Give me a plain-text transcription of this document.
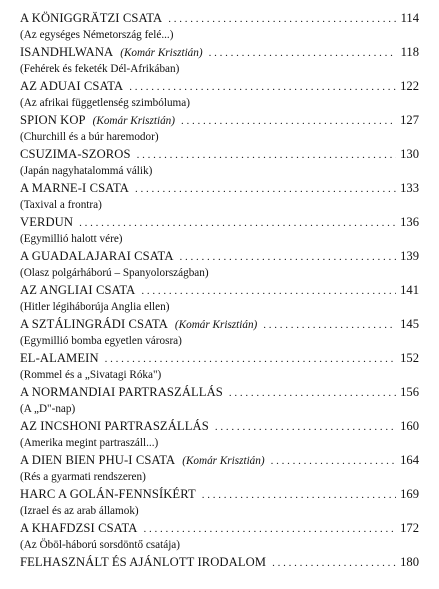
A KÖNIGGRÄTZI CSATA . . .	114
(Az egységes Németország felé...)
ISANDHLWANA (Komár Krisztián) . . .	118
(Fehérek és feketék Dél-Afrikában)
AZ ADUAI CSATA . . .	122
(Az afrikai függetlenség szimbóluma)
SPION KOP (Komár Krisztián) . . .	127
(Churchill és a búr haremodor)
CSUZIMA-SZOROS . . .	130
(Japán nagyhatalommá válik)
A MARNE-I CSATA . . .	133
(Taxival a frontra)
VERDUN . . .	136
(Egymillió halott vére)
A GUADALAJARAI CSATA . . .	139
(Olasz polgárháború – Spanyolországban)
AZ ANGLIAI CSATA . . .	141
(Hitler légiháborúja Anglia ellen)
A SZTÁLINGRÁDI CSATA (Komár Krisztián) . . .	145
(Egymillió bomba egyetlen városra)
EL-ALAMEIN . . .	152
(Rommel és a „Sivatagi Róka")
A NORMANDIAI PARTRASZÁLLÁS . . .	156
(A „D"-nap)
AZ INCSHONI PARTRASZÁLLÁS . . .	160
(Amerika megint partraszáll...)
A DIEN BIEN PHU-I CSATA (Komár Krisztián) . . .	164
(Rés a gyarmati rendszeren)
HARC A GOLÁN-FENNSÍKÉRT . . .	169
(Izrael és az arab államok)
A KHAFDZSI CSATA . . .	172
(Az Öböl-háború sorsdöntő csatája)
FELHASZNÁLT ÉS AJÁNLOTT IRODALOM . . .	180
